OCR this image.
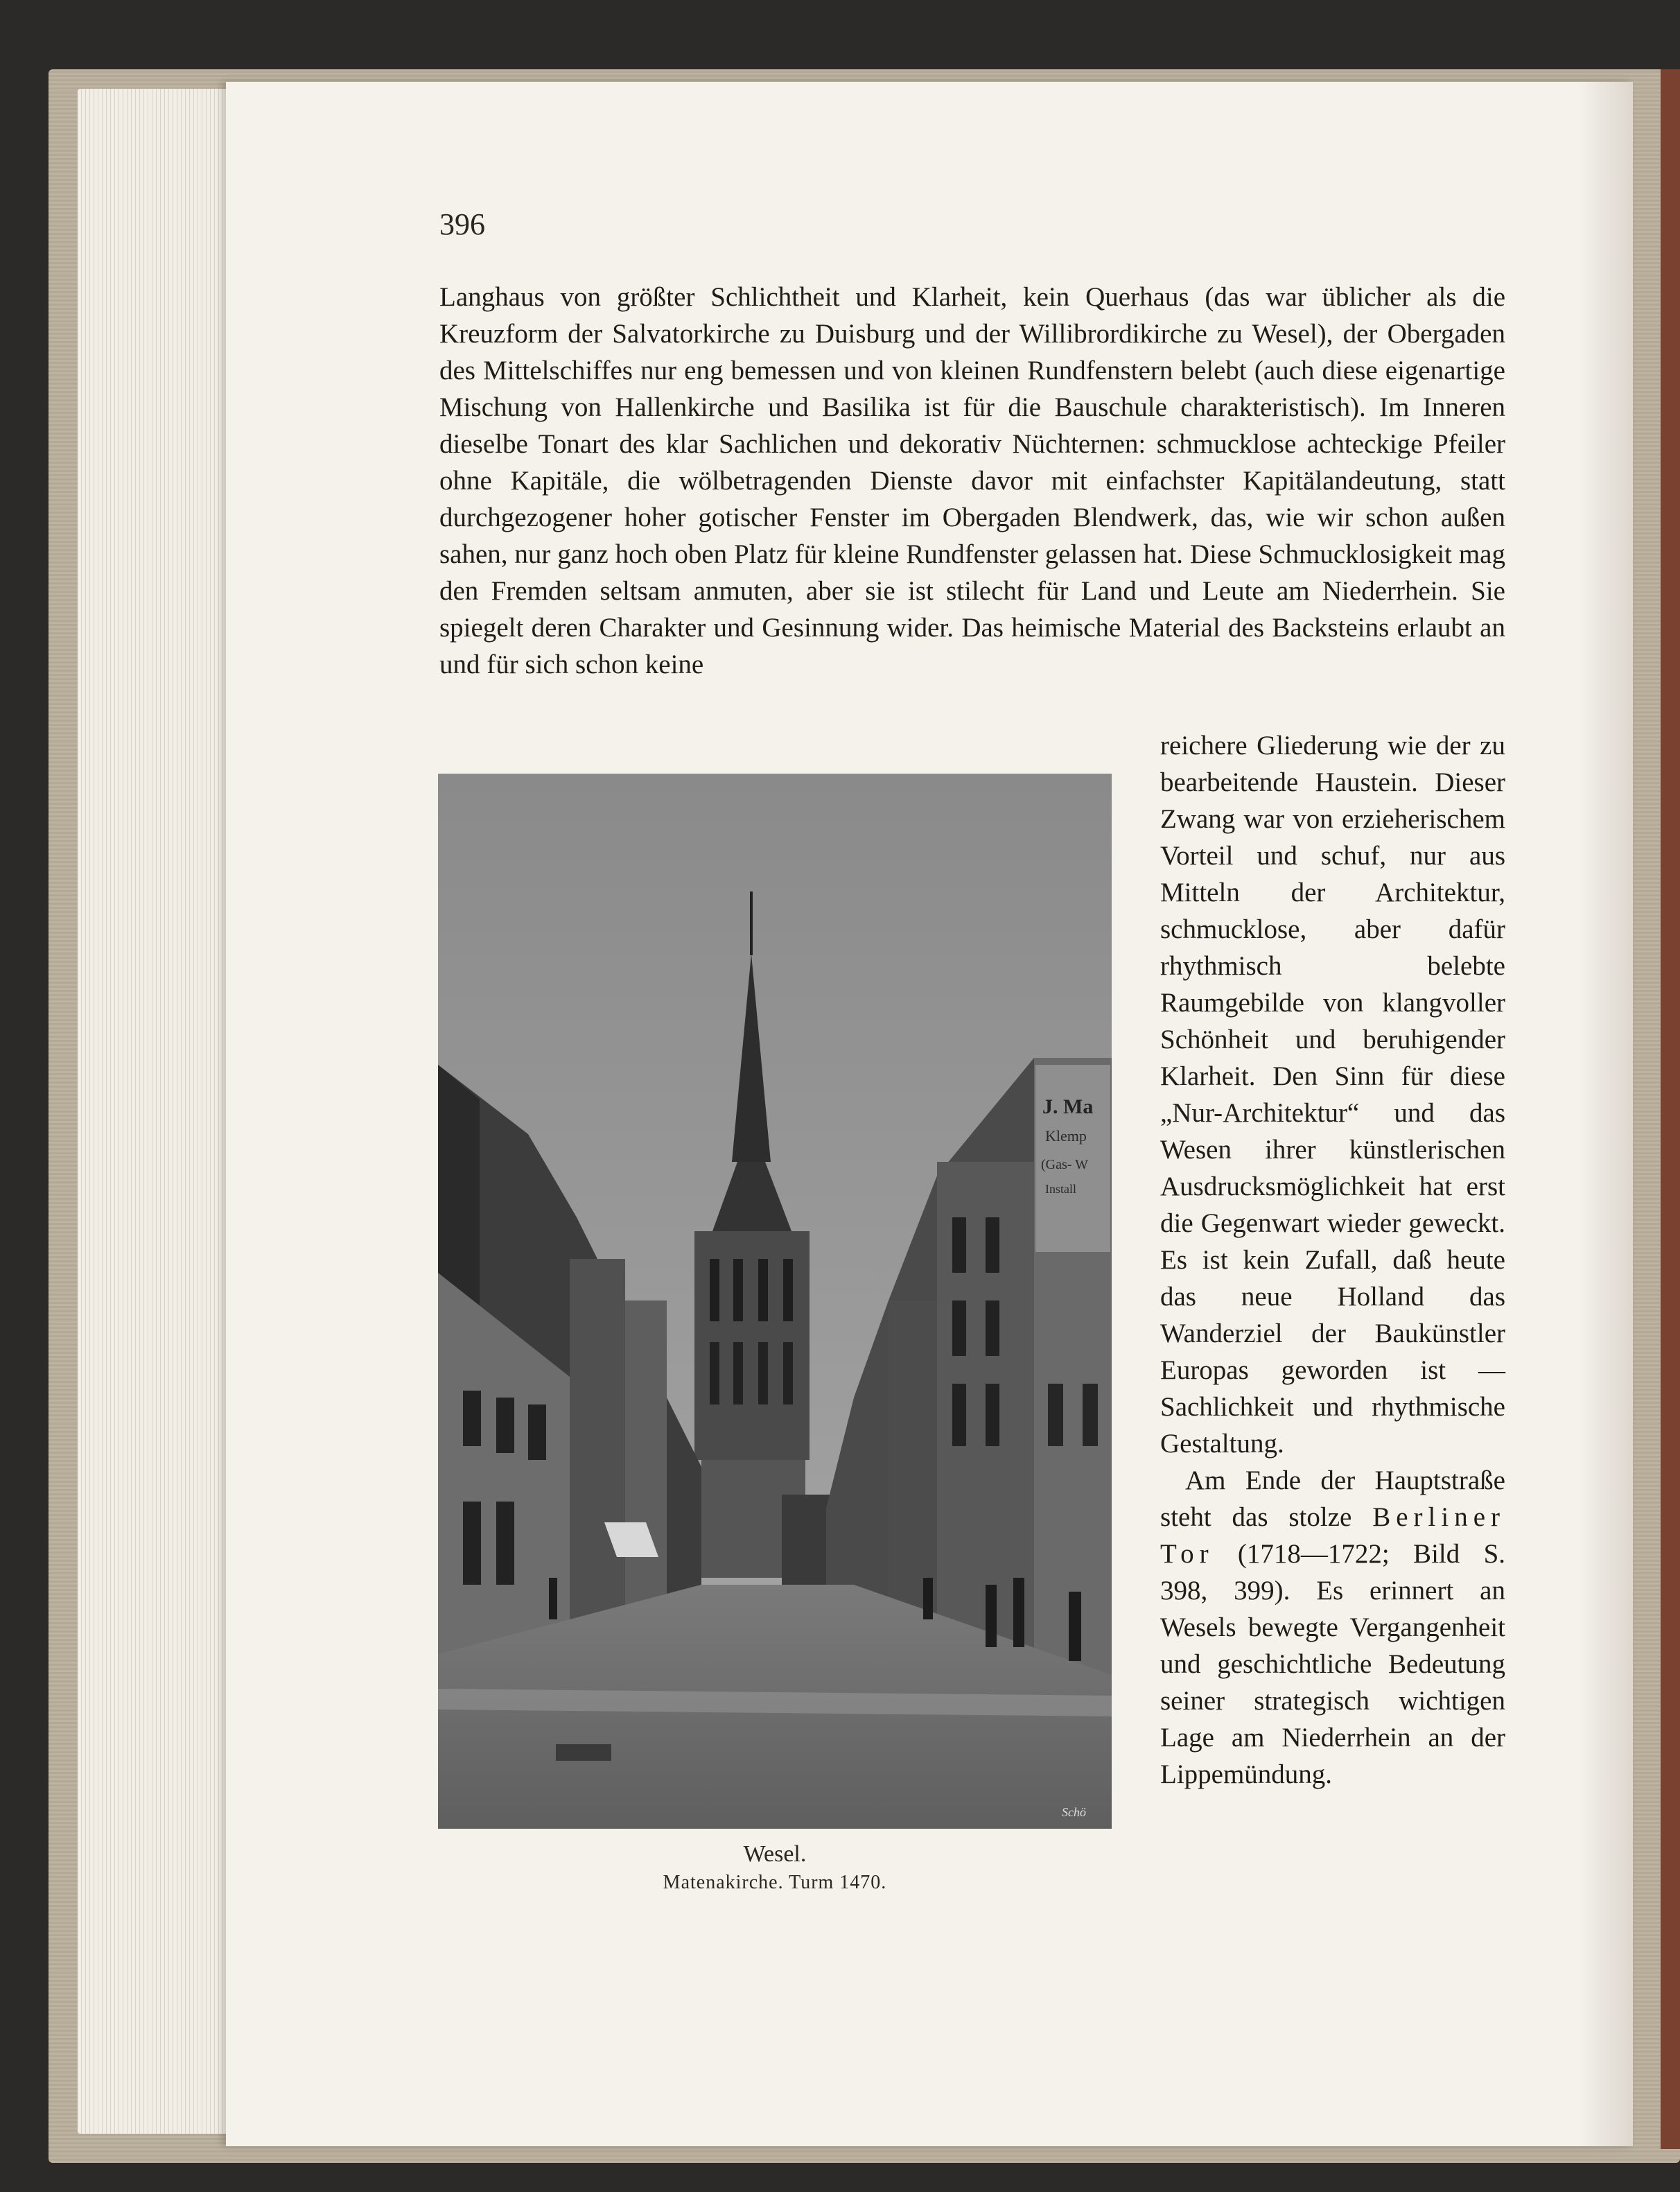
396

Langhaus von größter Schlichtheit und Klarheit, kein Querhaus (das war üblicher als die Kreuzform der Salvatorkirche zu Duisburg und der Willibrordikirche zu Wesel), der Obergaden des Mittelschiffes nur eng bemessen und von kleinen Rundfenstern belebt (auch diese eigenartige Mischung von Hallenkirche und Basilika ist für die Bauschule charakteristisch). Im Inneren dieselbe Tonart des klar Sachlichen und dekorativ Nüchternen: schmucklose achteckige Pfeiler ohne Kapitäle, die wölbetragenden Dienste davor mit einfachster Kapitälandeutung, statt durchgezogener hoher gotischer Fenster im Obergaden Blendwerk, das, wie wir schon außen sahen, nur ganz hoch oben Platz für kleine Rundfenster gelassen hat. Diese Schmucklosigkeit mag den Fremden seltsam anmuten, aber sie ist stilecht für Land und Leute am Niederrhein. Sie spiegelt deren Charakter und Gesinnung wider. Das heimische Material des Backsteins erlaubt an und für sich schon keine

J. Ma
Klemp
(Gas- W
Install
Schö
Wesel.
Matenakirche. Turm 1470.

reichere Gliederung wie der zu bearbeitende Haustein. Dieser Zwang war von erzieherischem Vorteil und schuf, nur aus Mitteln der Architektur, schmucklose, aber dafür rhythmisch belebte Raumgebilde von klangvoller Schönheit und beruhigender Klarheit. Den Sinn für diese „Nur-Architektur“ und das Wesen ihrer künstlerischen Ausdrucksmöglichkeit hat erst die Gegenwart wieder geweckt. Es ist kein Zufall, daß heute das neue Holland das Wanderziel der Baukünstler Europas geworden ist — Sachlichkeit und rhythmische Gestaltung.

Am Ende der Hauptstraße steht das stolze Berliner Tor (1718—1722; Bild S. 398, 399). Es erinnert an Wesels bewegte Vergangenheit und geschichtliche Bedeutung seiner strategisch wichtigen Lage am Niederrhein an der Lippemündung.
